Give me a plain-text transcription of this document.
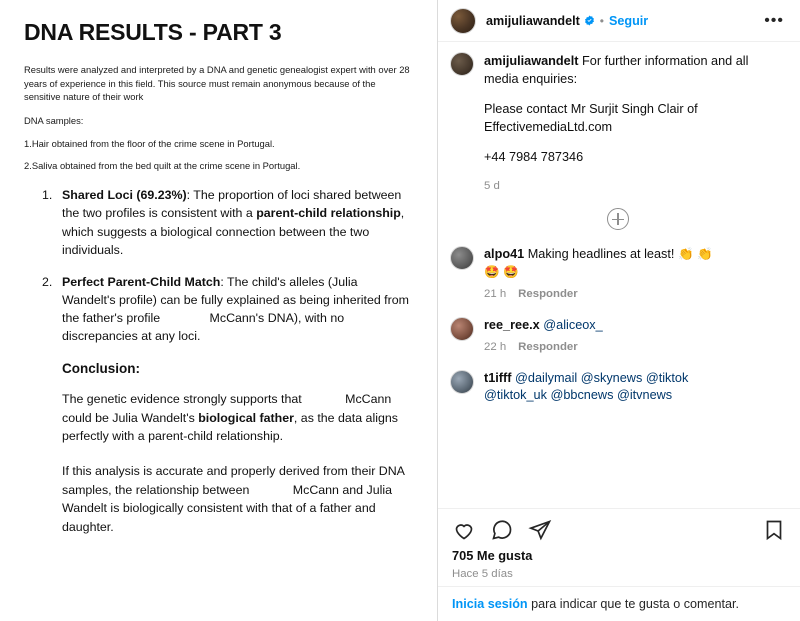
DNA RESULTS - PART 3

Results were analyzed and interpreted by a DNA and genetic genealogist expert with over 28 years of experience in this field. This source must remain anonymous because of the sensitive nature of their work

DNA samples:

1.Hair obtained from the floor of the crime scene in Portugal.

2.Saliva obtained from the bed quilt at the crime scene in Portugal.

Shared Loci (69.23%): The proportion of loci shared between the two profiles is consistent with a parent-child relationship, which suggests a biological connection between the two individuals.
Perfect Parent-Child Match: The child's alleles (Julia Wandelt's profile) can be fully explained as being inherited from the father's profile	McCann's DNA), with no discrepancies at any loci.
Conclusion:

The genetic evidence strongly supports that	McCann could be Julia Wandelt's biological father, as the data aligns perfectly with a parent-child relationship.

If this analysis is accurate and properly derived from their DNA samples, the relationship between	McCann and Julia Wandelt is biologically consistent with that of a father and daughter.

amijuliawandelt • Seguir	•••

amijuliawandelt For further information and all media enquiries:

Please contact Mr Surjit Singh Clair of EffectivemediaLtd.com

+44 7984 787346

5 d
alpo41 Making headlines at least! 👏 👏
🤩 🤩
21 h Responder
ree_ree.x @aliceox_
22 h Responder
t1ifff @dailymail @skynews @tiktok
@tiktok_uk @bbcnews @itvnews
705 Me gusta
Hace 5 días
Inicia sesión para indicar que te gusta o comentar.
